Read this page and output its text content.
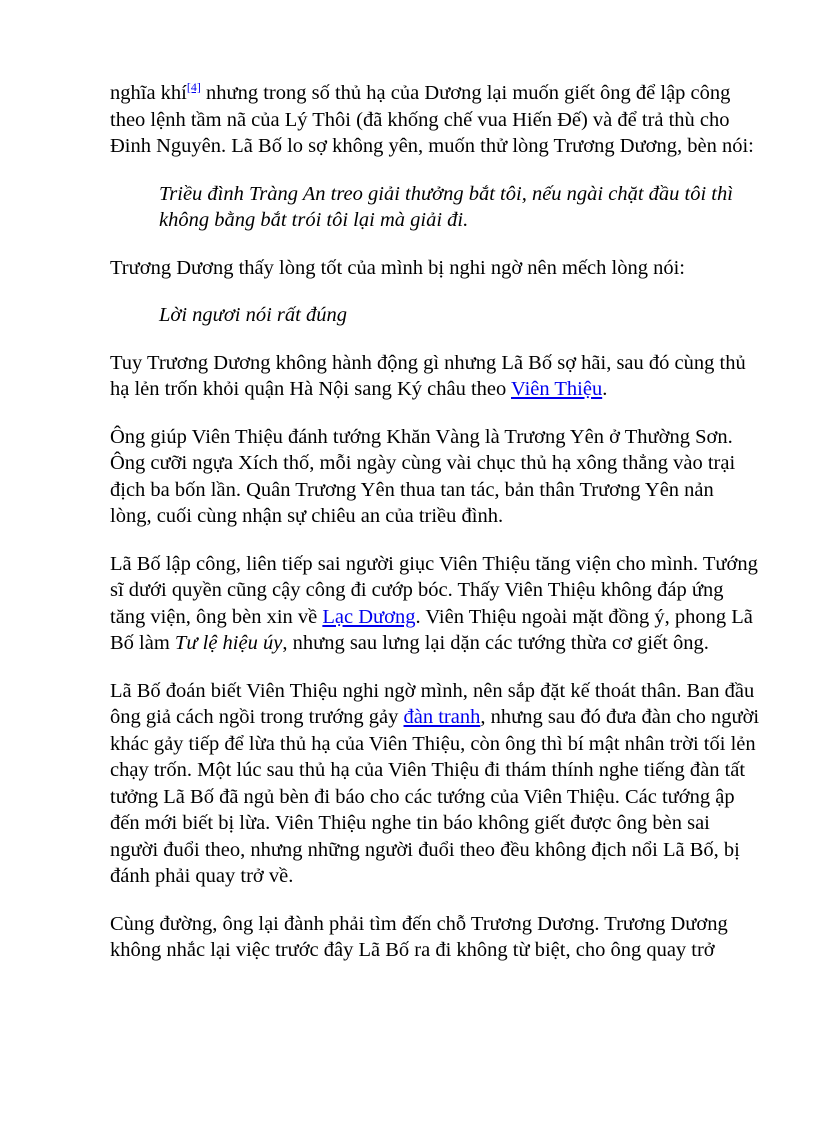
nghĩa khí[4] nhưng trong số thủ hạ của Dương lại muốn giết ông để lập công theo lệnh tầm nã của Lý Thôi (đã khống chế vua Hiến Đế) và để trả thù cho Đinh Nguyên. Lã Bố lo sợ không yên, muốn thử lòng Trương Dương, bèn nói:

Triều đình Tràng An treo giải thưởng bắt tôi, nếu ngài chặt đầu tôi thì không bằng bắt trói tôi lại mà giải đi.

Trương Dương thấy lòng tốt của mình bị nghi ngờ nên mếch lòng nói:

Lời ngươi nói rất đúng

Tuy Trương Dương không hành động gì nhưng Lã Bố sợ hãi, sau đó cùng thủ hạ lẻn trốn khỏi quận Hà Nội sang Ký châu theo Viên Thiệu.

Ông giúp Viên Thiệu đánh tướng Khăn Vàng là Trương Yên ở Thường Sơn. Ông cưỡi ngựa Xích thố, mỗi ngày cùng vài chục thủ hạ xông thẳng vào trại địch ba bốn lần. Quân Trương Yên thua tan tác, bản thân Trương Yên nản lòng, cuối cùng nhận sự chiêu an của triều đình.

Lã Bố lập công, liên tiếp sai người giục Viên Thiệu tăng viện cho mình. Tướng sĩ dưới quyền cũng cậy công đi cướp bóc. Thấy Viên Thiệu không đáp ứng tăng viện, ông bèn xin về Lạc Dương. Viên Thiệu ngoài mặt đồng ý, phong Lã Bố làm Tư lệ hiệu úy, nhưng sau lưng lại dặn các tướng thừa cơ giết ông.

Lã Bố đoán biết Viên Thiệu nghi ngờ mình, nên sắp đặt kế thoát thân. Ban đầu ông giả cách ngồi trong trướng gảy đàn tranh, nhưng sau đó đưa đàn cho người khác gảy tiếp để lừa thủ hạ của Viên Thiệu, còn ông thì bí mật nhân trời tối lẻn chạy trốn. Một lúc sau thủ hạ của Viên Thiệu đi thám thính nghe tiếng đàn tất tưởng Lã Bố đã ngủ bèn đi báo cho các tướng của Viên Thiệu. Các tướng ập đến mới biết bị lừa. Viên Thiệu nghe tin báo không giết được ông bèn sai người đuổi theo, nhưng những người đuổi theo đều không địch nổi Lã Bố, bị đánh phải quay trở về.

Cùng đường, ông lại đành phải tìm đến chỗ Trương Dương. Trương Dương không nhắc lại việc trước đây Lã Bố ra đi không từ biệt, cho ông quay trở
